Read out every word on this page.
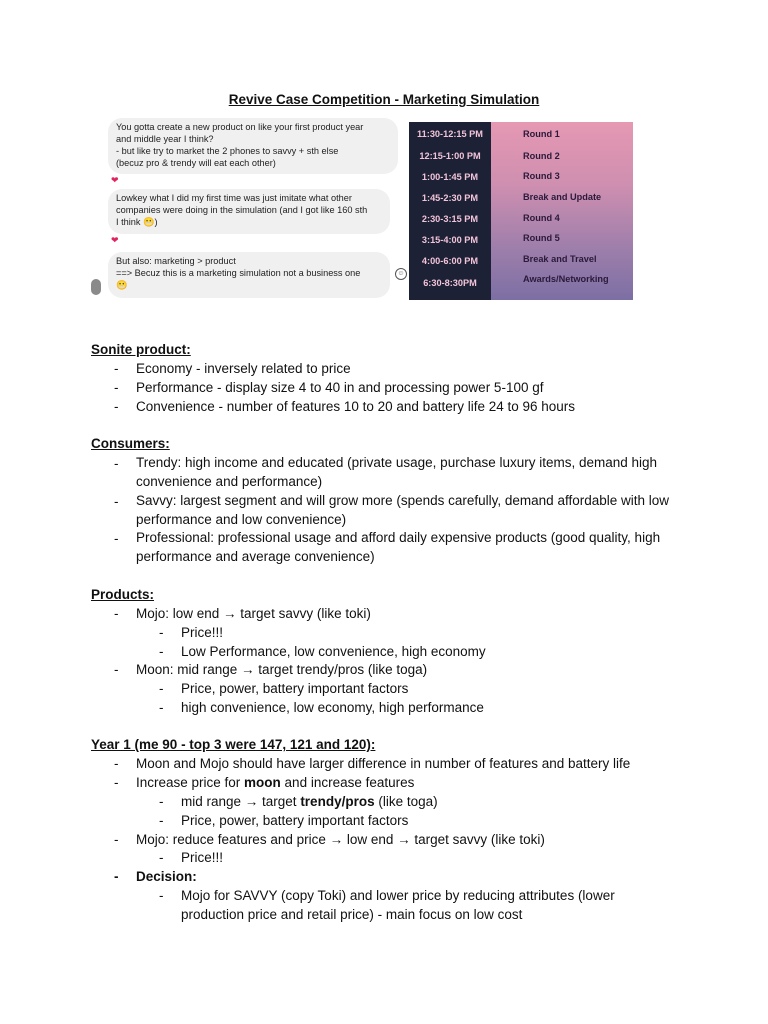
Revive Case Competition - Marketing Simulation
You gotta create a new product on like your first product year
and middle year I think?
- but like try to market the 2 phones to savvy + sth else
(becuz pro & trendy will eat each other)
❤
Lowkey what I did my first time was just imitate what other
companies were doing in the simulation (and I got like 160 sth
I think 😬)
❤
But also: marketing > product
==> Becuz this is a marketing simulation not a business one
😬
☺
11:30-12:15 PM	Round 1
12:15-1:00 PM	Round 2
1:00-1:45 PM	Round 3
1:45-2:30 PM	Break and Update
2:30-3:15 PM	Round 4
3:15-4:00 PM	Round 5
4:00-6:00 PM	Break and Travel
6:30-8:30PM	Awards/Networking
Sonite product:
- Economy - inversely related to price
- Performance - display size 4 to 40 in and processing power 5-100 gf
- Convenience - number of features 10 to 20 and battery life 24 to 96 hours
Consumers:
- Trendy: high income and educated (private usage, purchase luxury items, demand high convenience and performance)
- Savvy: largest segment and will grow more (spends carefully, demand affordable with low performance and low convenience)
- Professional: professional usage and afford daily expensive products (good quality, high performance and average convenience)
Products:
- Mojo: low end → target savvy (like toki)
- Price!!!
- Low Performance, low convenience, high economy
- Moon: mid range → target trendy/pros (like toga)
- Price, power, battery important factors
- high convenience, low economy, high performance
Year 1 (me 90 - top 3 were 147, 121 and 120):
- Moon and Mojo should have larger difference in number of features and battery life
- Increase price for moon and increase features
- mid range → target trendy/pros (like toga)
- Price, power, battery important factors
- Mojo: reduce features and price → low end → target savvy (like toki)
- Price!!!
- Decision:
- Mojo for SAVVY (copy Toki) and lower price by reducing attributes (lower production price and retail price) - main focus on low cost
